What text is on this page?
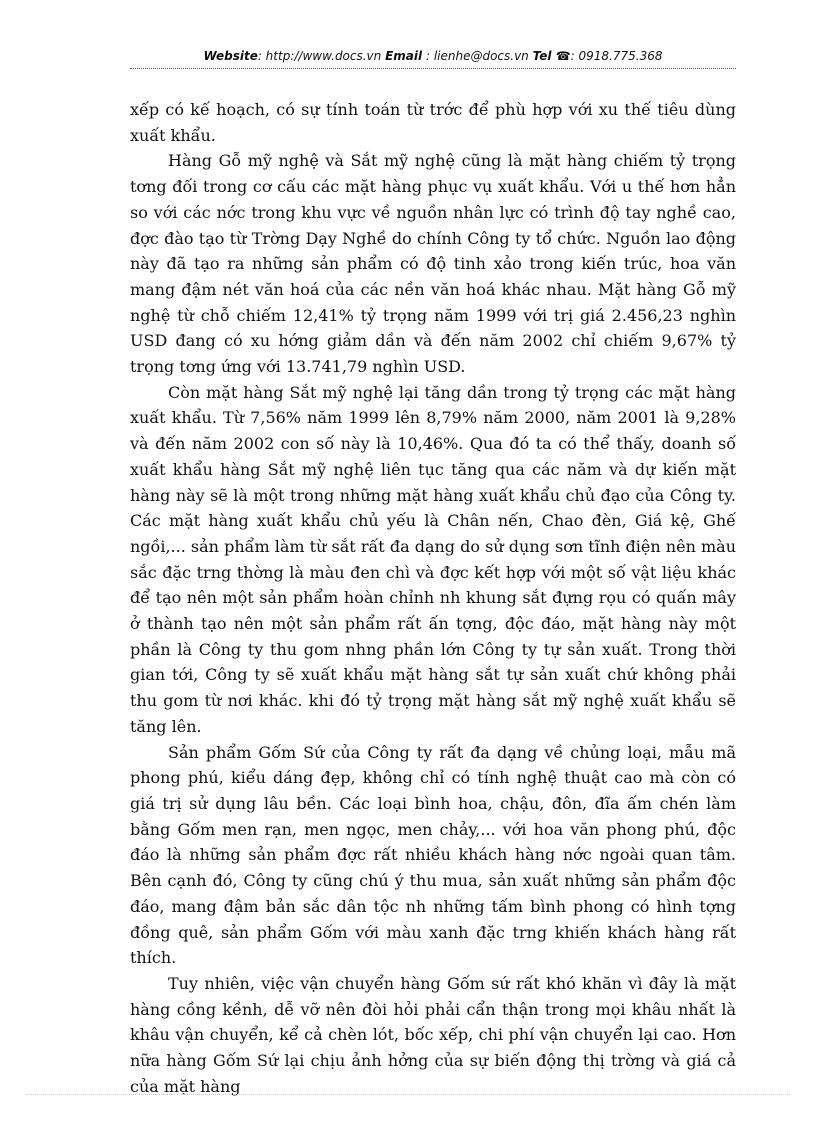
Website: http://www.docs.vn Email : lienhe@docs.vn Tel ☎: 0918.775.368

xếp có kế hoạch, có sự tính toán từ trớc để phù hợp với xu thế tiêu dùng xuất khẩu.

Hàng Gỗ mỹ nghệ và Sắt mỹ nghệ cũng là mặt hàng chiếm tỷ trọng tơng đối trong cơ cấu các mặt hàng phục vụ xuất khẩu. Với u thế hơn hẳn so với các nớc trong khu vực về nguồn nhân lực có trình độ tay nghề cao, đợc đào tạo từ Trờng Dạy Nghề do chính Công ty tổ chức. Nguồn lao động này đã tạo ra những sản phẩm có độ tinh xảo trong kiến trúc, hoa văn mang đậm nét văn hoá của các nền văn hoá khác nhau. Mặt hàng Gỗ mỹ nghệ từ chỗ chiếm 12,41% tỷ trọng năm 1999 với trị giá 2.456,23 nghìn USD đang có xu hớng giảm dần và đến năm 2002 chỉ chiếm 9,67% tỷ trọng tơng ứng với 13.741,79 nghìn USD.

Còn mặt hàng Sắt mỹ nghệ lại tăng dần trong tỷ trọng các mặt hàng xuất khẩu. Từ 7,56% năm 1999 lên 8,79% năm 2000, năm 2001 là 9,28% và đến năm 2002 con số này là 10,46%. Qua đó ta có thể thấy, doanh số xuất khẩu hàng Sắt mỹ nghệ liên tục tăng qua các năm và dự kiến mặt hàng này sẽ là một trong những mặt hàng xuất khẩu chủ đạo của Công ty. Các mặt hàng xuất khẩu chủ yếu là Chân nến, Chao đèn, Giá kệ, Ghế ngồi,... sản phẩm làm từ sắt rất đa dạng do sử dụng sơn tĩnh điện nên màu sắc đặc trng thờng là màu đen chì và đợc kết hợp với một số vật liệu khác để tạo nên một sản phẩm hoàn chỉnh nh khung sắt đựng rọu có quấn mây ở thành tạo nên một sản phẩm rất ấn tợng, độc đáo, mặt hàng này một phần là Công ty thu gom nhng phần lớn Công ty tự sản xuất. Trong thời gian tới, Công ty sẽ xuất khẩu mặt hàng sắt tự sản xuất chứ không phải thu gom từ nơi khác. khi đó tỷ trọng mặt hàng sắt mỹ nghệ xuất khẩu sẽ tăng lên.

Sản phẩm Gốm Sứ của Công ty rất đa dạng về chủng loại, mẫu mã phong phú, kiểu dáng đẹp, không chỉ có tính nghệ thuật cao mà còn có giá trị sử dụng lâu bền. Các loại bình hoa, chậu, đôn, đĩa ấm chén làm bằng Gốm men rạn, men ngọc, men chảy,... với hoa văn phong phú, độc đáo là những sản phẩm đợc rất nhiều khách hàng nớc ngoài quan tâm. Bên cạnh đó, Công ty cũng chú ý thu mua, sản xuất những sản phẩm độc đáo, mang đậm bản sắc dân tộc nh những tấm bình phong có hình tợng đồng quê, sản phẩm Gốm với màu xanh đặc trng khiến khách hàng rất thích.

Tuy nhiên, việc vận chuyển hàng Gốm sứ rất khó khăn vì đây là mặt hàng cồng kềnh, dễ vỡ nên đòi hỏi phải cẩn thận trong mọi khâu nhất là khâu vận chuyển, kể cả chèn lót, bốc xếp, chi phí vận chuyển lại cao. Hơn nữa hàng Gốm Sứ lại chịu ảnh hởng của sự biến động thị trờng và giá cả của mặt hàng
